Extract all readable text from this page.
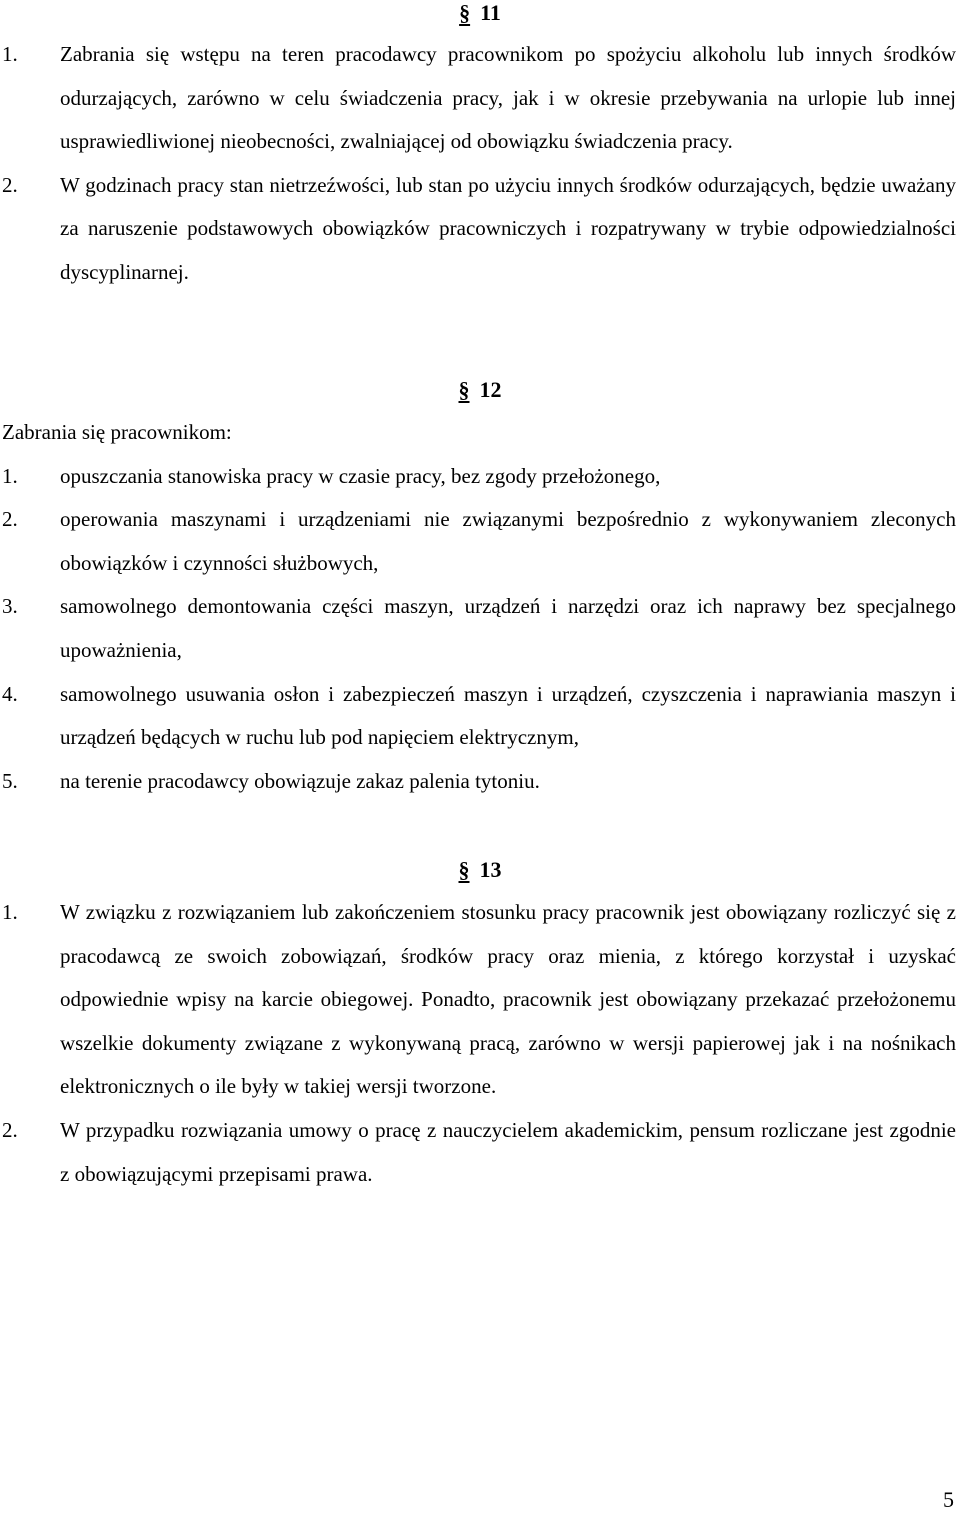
§ 11
1.	Zabrania się wstępu na teren pracodawcy pracownikom po spożyciu alkoholu lub innych środków odurzających, zarówno w celu świadczenia pracy, jak i w okresie przebywania na urlopie lub innej usprawiedliwionej nieobecności, zwalniającej od obowiązku świadczenia pracy.
2.	W godzinach pracy stan nietrzeźwości, lub stan po użyciu innych środków odurzających, będzie uważany za naruszenie podstawowych obowiązków pracowniczych i rozpatrywany w trybie odpowiedzialności dyscyplinarnej.
§ 12
Zabrania się pracownikom:
1.	opuszczania stanowiska pracy w czasie pracy, bez zgody przełożonego,
2.	operowania maszynami i urządzeniami nie związanymi bezpośrednio z wykonywaniem zleconych obowiązków i czynności służbowych,
3.	samowolnego demontowania części maszyn, urządzeń i narzędzi oraz ich naprawy bez specjalnego upoważnienia,
4.	samowolnego usuwania osłon i zabezpieczeń maszyn i urządzeń, czyszczenia i naprawiania maszyn i urządzeń będących w ruchu lub pod napięciem elektrycznym,
5.	na terenie pracodawcy obowiązuje zakaz palenia tytoniu.
§ 13
1.	W związku z rozwiązaniem lub zakończeniem stosunku pracy pracownik jest obowiązany rozliczyć się z pracodawcą ze swoich zobowiązań, środków pracy oraz mienia, z którego korzystał i uzyskać odpowiednie wpisy na karcie obiegowej. Ponadto, pracownik jest obowiązany przekazać przełożonemu wszelkie dokumenty związane z wykonywaną pracą, zarówno w wersji papierowej jak i na nośnikach elektronicznych o ile były w takiej wersji tworzone.
2.	W przypadku rozwiązania umowy o pracę z nauczycielem akademickim, pensum rozliczane jest zgodnie z obowiązującymi przepisami prawa.
5
